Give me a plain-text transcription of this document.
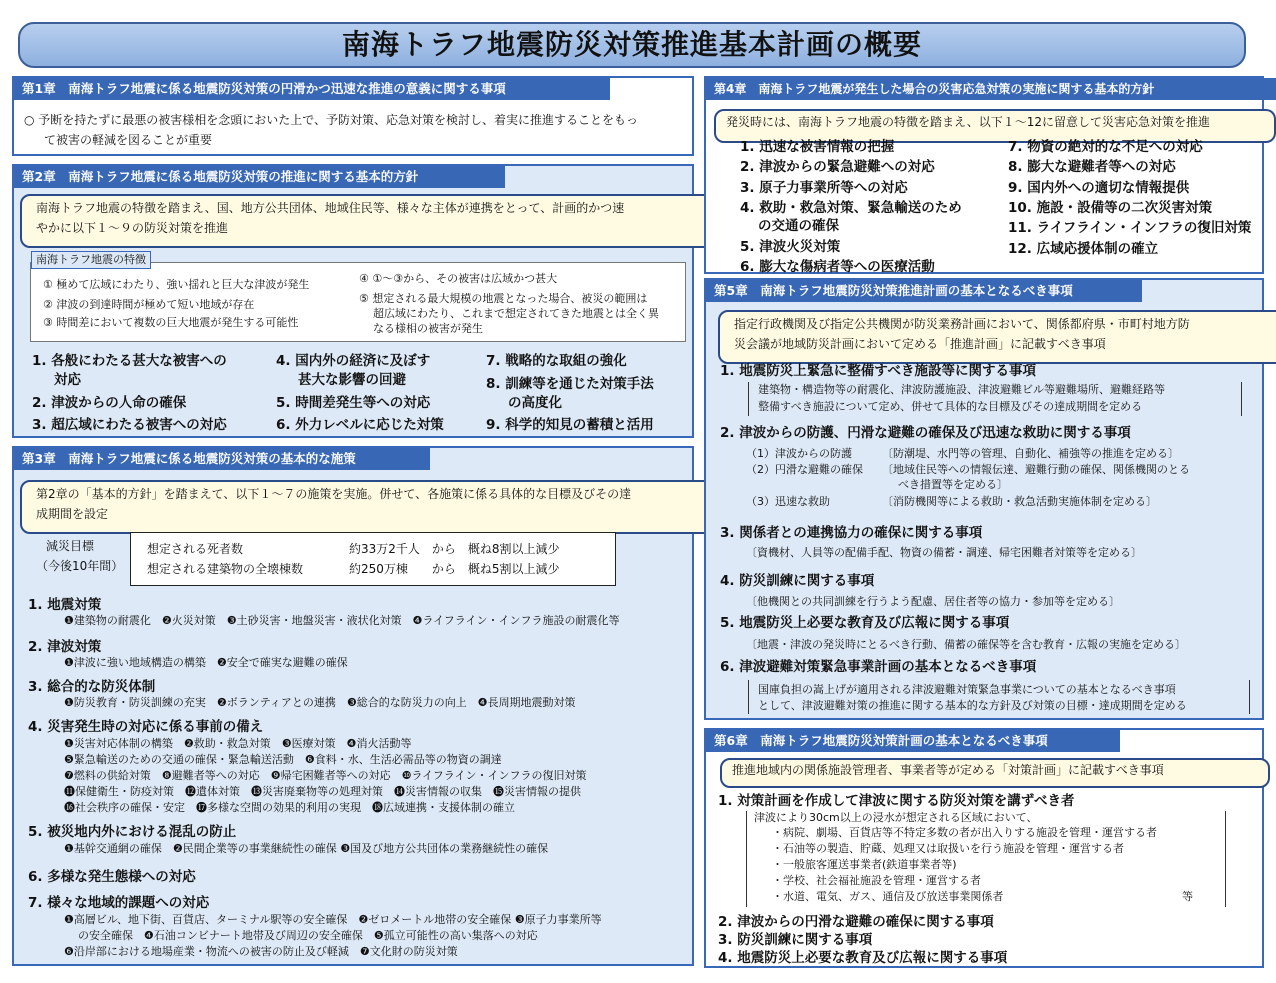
南海トラフ地震防災対策推進基本計画の概要
第1章　南海トラフ地震に係る地震防災対策の円滑かつ迅速な推進の意義に関する事項
○ 予断を持たずに最悪の被害様相を念頭においた上で、予防対策、応急対策を検討し、着実に推進することをもっ
て被害の軽減を図ることが重要
第2章　南海トラフ地震に係る地震防災対策の推進に関する基本的方針
南海トラフ地震の特徴を踏まえ、国、地方公共団体、地域住民等、様々な主体が連携をとって、計画的かつ速
やかに以下１～９の防災対策を推進
南海トラフ地震の特徴
① 極めて広域にわたり、強い揺れと巨大な津波が発生
② 津波の到達時間が極めて短い地域が存在
③ 時間差において複数の巨大地震が発生する可能性
④ ①～③から、その被害は広域かつ甚大
⑤ 想定される最大規模の地震となった場合、被災の範囲は
超広域にわたり、これまで想定されてきた地震とは全く異
なる様相の被害が発生
1. 各般にわたる甚大な被害への
対応
2. 津波からの人命の確保
3. 超広域にわたる被害への対応
4. 国内外の経済に及ぼす
甚大な影響の回避
5. 時間差発生等への対応
6. 外力レベルに応じた対策
7. 戦略的な取組の強化
8. 訓練等を通じた対策手法
の高度化
9. 科学的知見の蓄積と活用
第3章　南海トラフ地震に係る地震防災対策の基本的な施策
第2章の「基本的方針」を踏まえて、以下１～７の施策を実施。併せて、各施策に係る具体的な目標及びその達
成期間を設定
減災目標
（今後10年間）
想定される死者数	約33万2千人　から　概ね8割以上減少
想定される建築物の全壊棟数	約250万棟　　から　概ね5割以上減少
1. 地震対策
❶建築物の耐震化　❷火災対策　❸土砂災害・地盤災害・液状化対策　❹ライフライン・インフラ施設の耐震化等
2. 津波対策
❶津波に強い地域構造の構築　❷安全で確実な避難の確保
3. 総合的な防災体制
❶防災教育・防災訓練の充実　❷ボランティアとの連携　❸総合的な防災力の向上　❹長周期地震動対策
4. 災害発生時の対応に係る事前の備え
❶災害対応体制の構築　❷救助・救急対策　❸医療対策　❹消火活動等
❺緊急輸送のための交通の確保・緊急輸送活動　❻食料・水、生活必需品等の物資の調達
❼燃料の供給対策　❽避難者等への対応　❾帰宅困難者等への対応　❿ライフライン・インフラの復旧対策
⓫保健衛生・防疫対策　⓬遺体対策　⓭災害廃棄物等の処理対策　⓮災害情報の収集　⓯災害情報の提供
⓰社会秩序の確保・安定　⓱多様な空間の効果的利用の実現　⓲広域連携・支援体制の確立
5. 被災地内外における混乱の防止
❶基幹交通網の確保　❷民間企業等の事業継続性の確保 ❸国及び地方公共団体の業務継続性の確保
6. 多様な発生態様への対応
7. 様々な地域的課題への対応
❶高層ビル、地下街、百貨店、ターミナル駅等の安全確保　❷ゼロメートル地帯の安全確保 ❸原子力事業所等
の安全確保　❹石油コンビナート地帯及び周辺の安全確保　❺孤立可能性の高い集落への対応
❻沿岸部における地場産業・物流への被害の防止及び軽減　❼文化財の防災対策
第4章　南海トラフ地震が発生した場合の災害応急対策の実施に関する基本的方針
発災時には、南海トラフ地震の特徴を踏まえ、以下１～12に留意して災害応急対策を推進
1. 迅速な被害情報の把握
2. 津波からの緊急避難への対応
3. 原子力事業所等への対応
4. 救助・救急対策、緊急輸送のため
の交通の確保
5. 津波火災対策
6. 膨大な傷病者等への医療活動
7. 物資の絶対的な不足への対応
8. 膨大な避難者等への対応
9. 国内外への適切な情報提供
10. 施設・設備等の二次災害対策
11. ライフライン・インフラの復旧対策
12. 広域応援体制の確立
第5章　南海トラフ地震防災対策推進計画の基本となるべき事項
指定行政機関及び指定公共機関が防災業務計画において、関係都府県・市町村地方防
災会議が地域防災計画において定める「推進計画」に記載すべき事項
1. 地震防災上緊急に整備すべき施設等に関する事項
建築物・構造物等の耐震化、津波防護施設、津波避難ビル等避難場所、避難経路等
整備すべき施設について定め、併せて具体的な目標及びその達成期間を定める
2. 津波からの防護、円滑な避難の確保及び迅速な救助に関する事項
（1）津波からの防護	〔防潮堤、水門等の管理、自動化、補強等の推進を定める〕
（2）円滑な避難の確保 〔地域住民等への情報伝達、避難行動の確保、関係機関のとる
べき措置等を定める〕
（3）迅速な救助	〔消防機関等による救助・救急活動実施体制を定める〕
3. 関係者との連携協力の確保に関する事項
〔資機材、人員等の配備手配、物資の備蓄・調達、帰宅困難者対策等を定める〕
4. 防災訓練に関する事項
〔他機関との共同訓練を行うよう配慮、居住者等の協力・参加等を定める〕
5. 地震防災上必要な教育及び広報に関する事項
〔地震・津波の発災時にとるべき行動、備蓄の確保等を含む教育・広報の実施を定める〕
6. 津波避難対策緊急事業計画の基本となるべき事項
国庫負担の嵩上げが適用される津波避難対策緊急事業についての基本となるべき事項
として、津波避難対策の推進に関する基本的な方針及び対策の目標・達成期間を定める
第6章　南海トラフ地震防災対策計画の基本となるべき事項
推進地域内の関係施設管理者、事業者等が定める「対策計画」に記載すべき事項
1. 対策計画を作成して津波に関する防災対策を講ずべき者
津波により30cm以上の浸水が想定される区域において、
・病院、劇場、百貨店等不特定多数の者が出入りする施設を管理・運営する者
・石油等の製造、貯蔵、処理又は取扱いを行う施設を管理・運営する者
・一般旅客運送事業者(鉄道事業者等)
・学校、社会福祉施設を管理・運営する者
・水道、電気、ガス、通信及び放送事業関係者	等
2. 津波からの円滑な避難の確保に関する事項
3. 防災訓練に関する事項
4. 地震防災上必要な教育及び広報に関する事項
